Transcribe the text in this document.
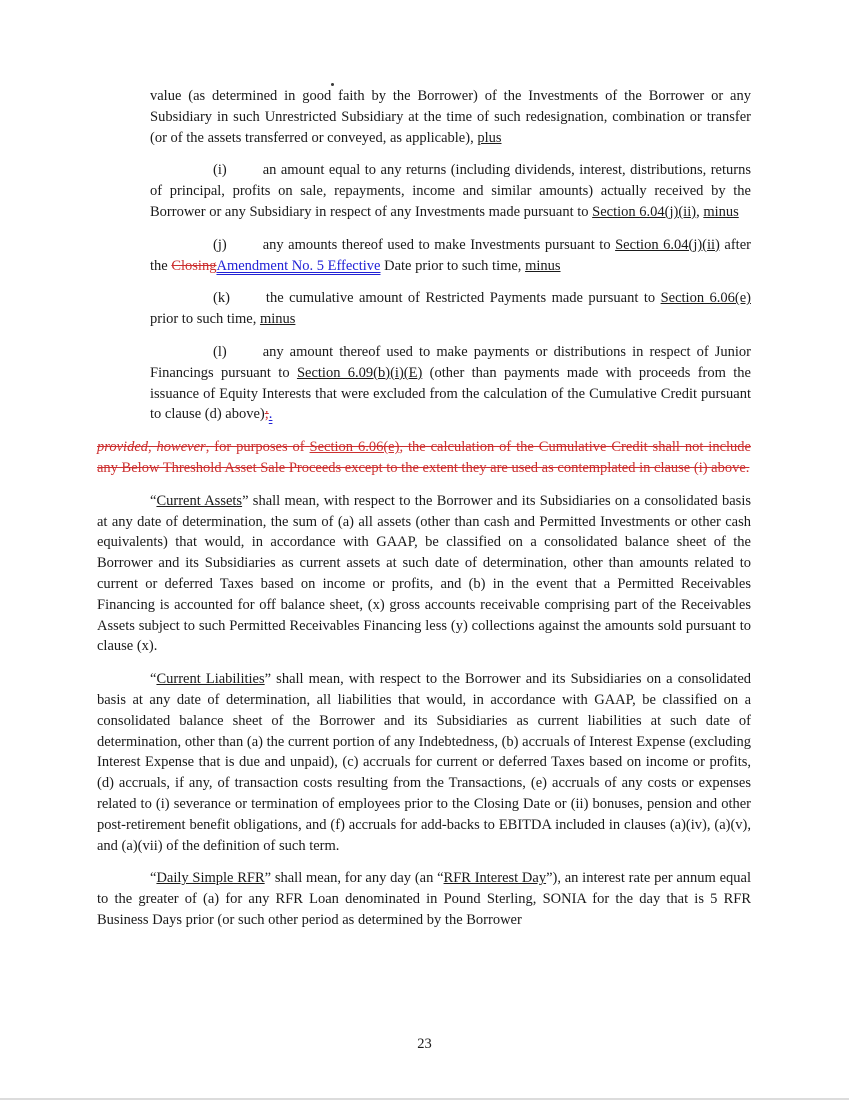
value (as determined in good faith by the Borrower) of the Investments of the Borrower or any Subsidiary in such Unrestricted Subsidiary at the time of such redesignation, combination or transfer (or of the assets transferred or conveyed, as applicable), plus

(i) an amount equal to any returns (including dividends, interest, distributions, returns of principal, profits on sale, repayments, income and similar amounts) actually received by the Borrower or any Subsidiary in respect of any Investments made pursuant to Section 6.04(j)(ii), minus

(j) any amounts thereof used to make Investments pursuant to Section 6.04(j)(ii) after the ClosingAmendment No. 5 Effective Date prior to such time, minus

(k) the cumulative amount of Restricted Payments made pursuant to Section 6.06(e) prior to such time, minus

(l) any amount thereof used to make payments or distributions in respect of Junior Financings pursuant to Section 6.09(b)(i)(E) (other than payments made with proceeds from the issuance of Equity Interests that were excluded from the calculation of the Cumulative Credit pursuant to clause (d) above);.

provided, however, for purposes of Section 6.06(e), the calculation of the Cumulative Credit shall not include any Below Threshold Asset Sale Proceeds except to the extent they are used as contemplated in clause (i) above.

“Current Assets” shall mean, with respect to the Borrower and its Subsidiaries on a consolidated basis at any date of determination, the sum of (a) all assets (other than cash and Permitted Investments or other cash equivalents) that would, in accordance with GAAP, be classified on a consolidated balance sheet of the Borrower and its Subsidiaries as current assets at such date of determination, other than amounts related to current or deferred Taxes based on income or profits, and (b) in the event that a Permitted Receivables Financing is accounted for off balance sheet, (x) gross accounts receivable comprising part of the Receivables Assets subject to such Permitted Receivables Financing less (y) collections against the amounts sold pursuant to clause (x).

“Current Liabilities” shall mean, with respect to the Borrower and its Subsidiaries on a consolidated basis at any date of determination, all liabilities that would, in accordance with GAAP, be classified on a consolidated balance sheet of the Borrower and its Subsidiaries as current liabilities at such date of determination, other than (a) the current portion of any Indebtedness, (b) accruals of Interest Expense (excluding Interest Expense that is due and unpaid), (c) accruals for current or deferred Taxes based on income or profits, (d) accruals, if any, of transaction costs resulting from the Transactions, (e) accruals of any costs or expenses related to (i) severance or termination of employees prior to the Closing Date or (ii) bonuses, pension and other post-retirement benefit obligations, and (f) accruals for add-backs to EBITDA included in clauses (a)(iv), (a)(v), and (a)(vii) of the definition of such term.

“Daily Simple RFR” shall mean, for any day (an “RFR Interest Day”), an interest rate per annum equal to the greater of (a) for any RFR Loan denominated in Pound Sterling, SONIA for the day that is 5 RFR Business Days prior (or such other period as determined by the Borrower

23
